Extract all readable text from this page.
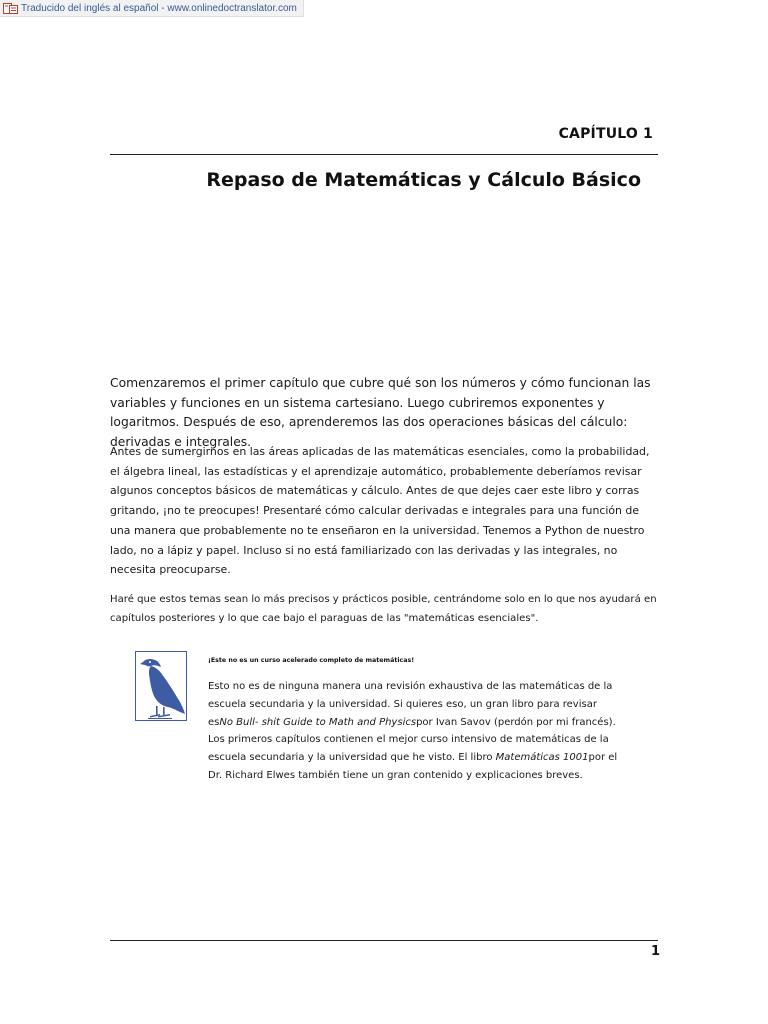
Traducido del inglés al español - www.onlinedoctranslator.com
CAPÍTULO 1
Repaso de Matemáticas y Cálculo Básico

Comenzaremos el primer capítulo que cubre qué son los números y cómo funcionan las variables y funciones en un sistema cartesiano. Luego cubriremos exponentes y logaritmos. Después de eso, aprenderemos las dos operaciones básicas del cálculo: derivadas e integrales.

Antes de sumergirnos en las áreas aplicadas de las matemáticas esenciales, como la probabilidad, el álgebra lineal, las estadísticas y el aprendizaje automático, probablemente deberíamos revisar algunos conceptos básicos de matemáticas y cálculo. Antes de que dejes caer este libro y corras gritando, ¡no te preocupes! Presentaré cómo calcular derivadas e integrales para una función de una manera que probablemente no te enseñaron en la universidad. Tenemos a Python de nuestro lado, no a lápiz y papel. Incluso si no está familiarizado con las derivadas y las integrales, no necesita preocuparse.

Haré que estos temas sean lo más precisos y prácticos posible, centrándome solo en lo que nos ayudará en capítulos posteriores y lo que cae bajo el paraguas de las "matemáticas esenciales".

¡Este no es un curso acelerado completo de matemáticas!

Esto no es de ninguna manera una revisión exhaustiva de las matemáticas de la escuela secundaria y la universidad. Si quieres eso, un gran libro para revisar esNo Bull- shit Guide to Math and Physicspor Ivan Savov (perdón por mi francés). Los primeros capítulos contienen el mejor curso intensivo de matemáticas de la escuela secundaria y la universidad que he visto. El libro Matemáticas 1001por el Dr. Richard Elwes también tiene un gran contenido y explicaciones breves.

1
